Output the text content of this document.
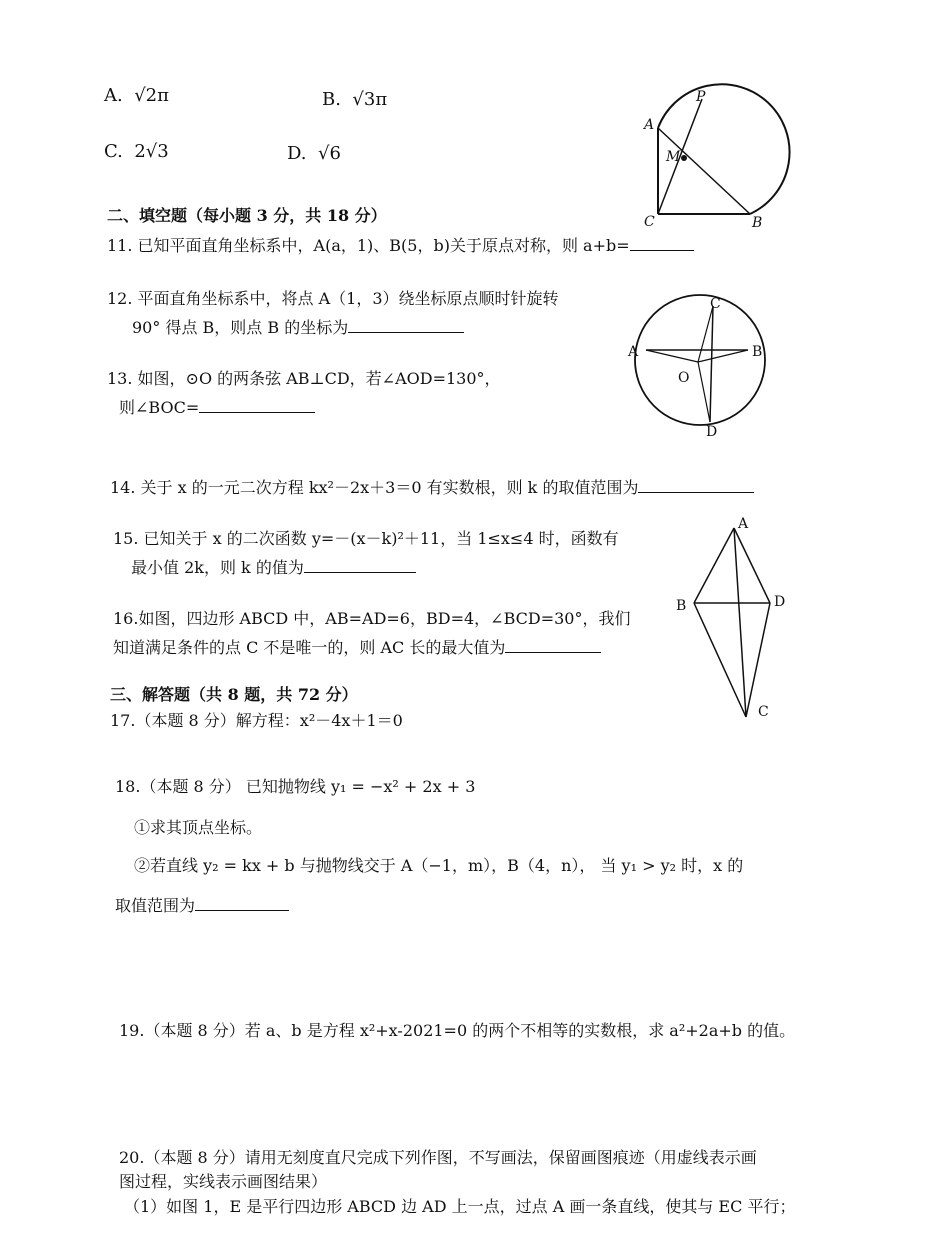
A. √2π	B. √3π
C. 2√3	D. √6
A
P
M
C	B
二、填空题（每小题 3 分，共 18 分）
11. 已知平面直角坐标系中，A(a，1)、B(5，b)关于原点对称，则 a+b=
12. 平面直角坐标系中，将点 A（1，3）绕坐标原点顺时针旋转
90° 得点 B，则点 B 的坐标为
13. 如图，⊙O 的两条弦 AB⊥CD，若∠AOD=130°，
则∠BOC=
A	B
C
D
O
14. 关于 x 的一元二次方程 kx²－2x＋3＝0 有实数根，则 k 的取值范围为
15. 已知关于 x 的二次函数 y=－(x－k)²＋11，当 1≤x≤4 时，函数有
最小值 2k，则 k 的值为
16.如图，四边形 ABCD 中，AB=AD=6，BD=4，∠BCD=30°，我们
知道满足条件的点 C 不是唯一的，则 AC 长的最大值为
A
B	D
C
三、解答题（共 8 题，共 72 分）
17.（本题 8 分）解方程：x²－4x＋1＝0
18.（本题 8 分） 已知抛物线 y₁ = −x² + 2x + 3
①求其顶点坐标。
②若直线 y₂ = kx + b 与抛物线交于 A（−1，m），B（4，n）， 当 y₁ > y₂ 时，x 的
取值范围为
19.（本题 8 分）若 a、b 是方程 x²+x-2021=0 的两个不相等的实数根，求 a²+2a+b 的值。
20.（本题 8 分）请用无刻度直尺完成下列作图，不写画法，保留画图痕迹（用虚线表示画
图过程，实线表示画图结果）
（1）如图 1，E 是平行四边形 ABCD 边 AD 上一点，过点 A 画一条直线，使其与 EC 平行；
